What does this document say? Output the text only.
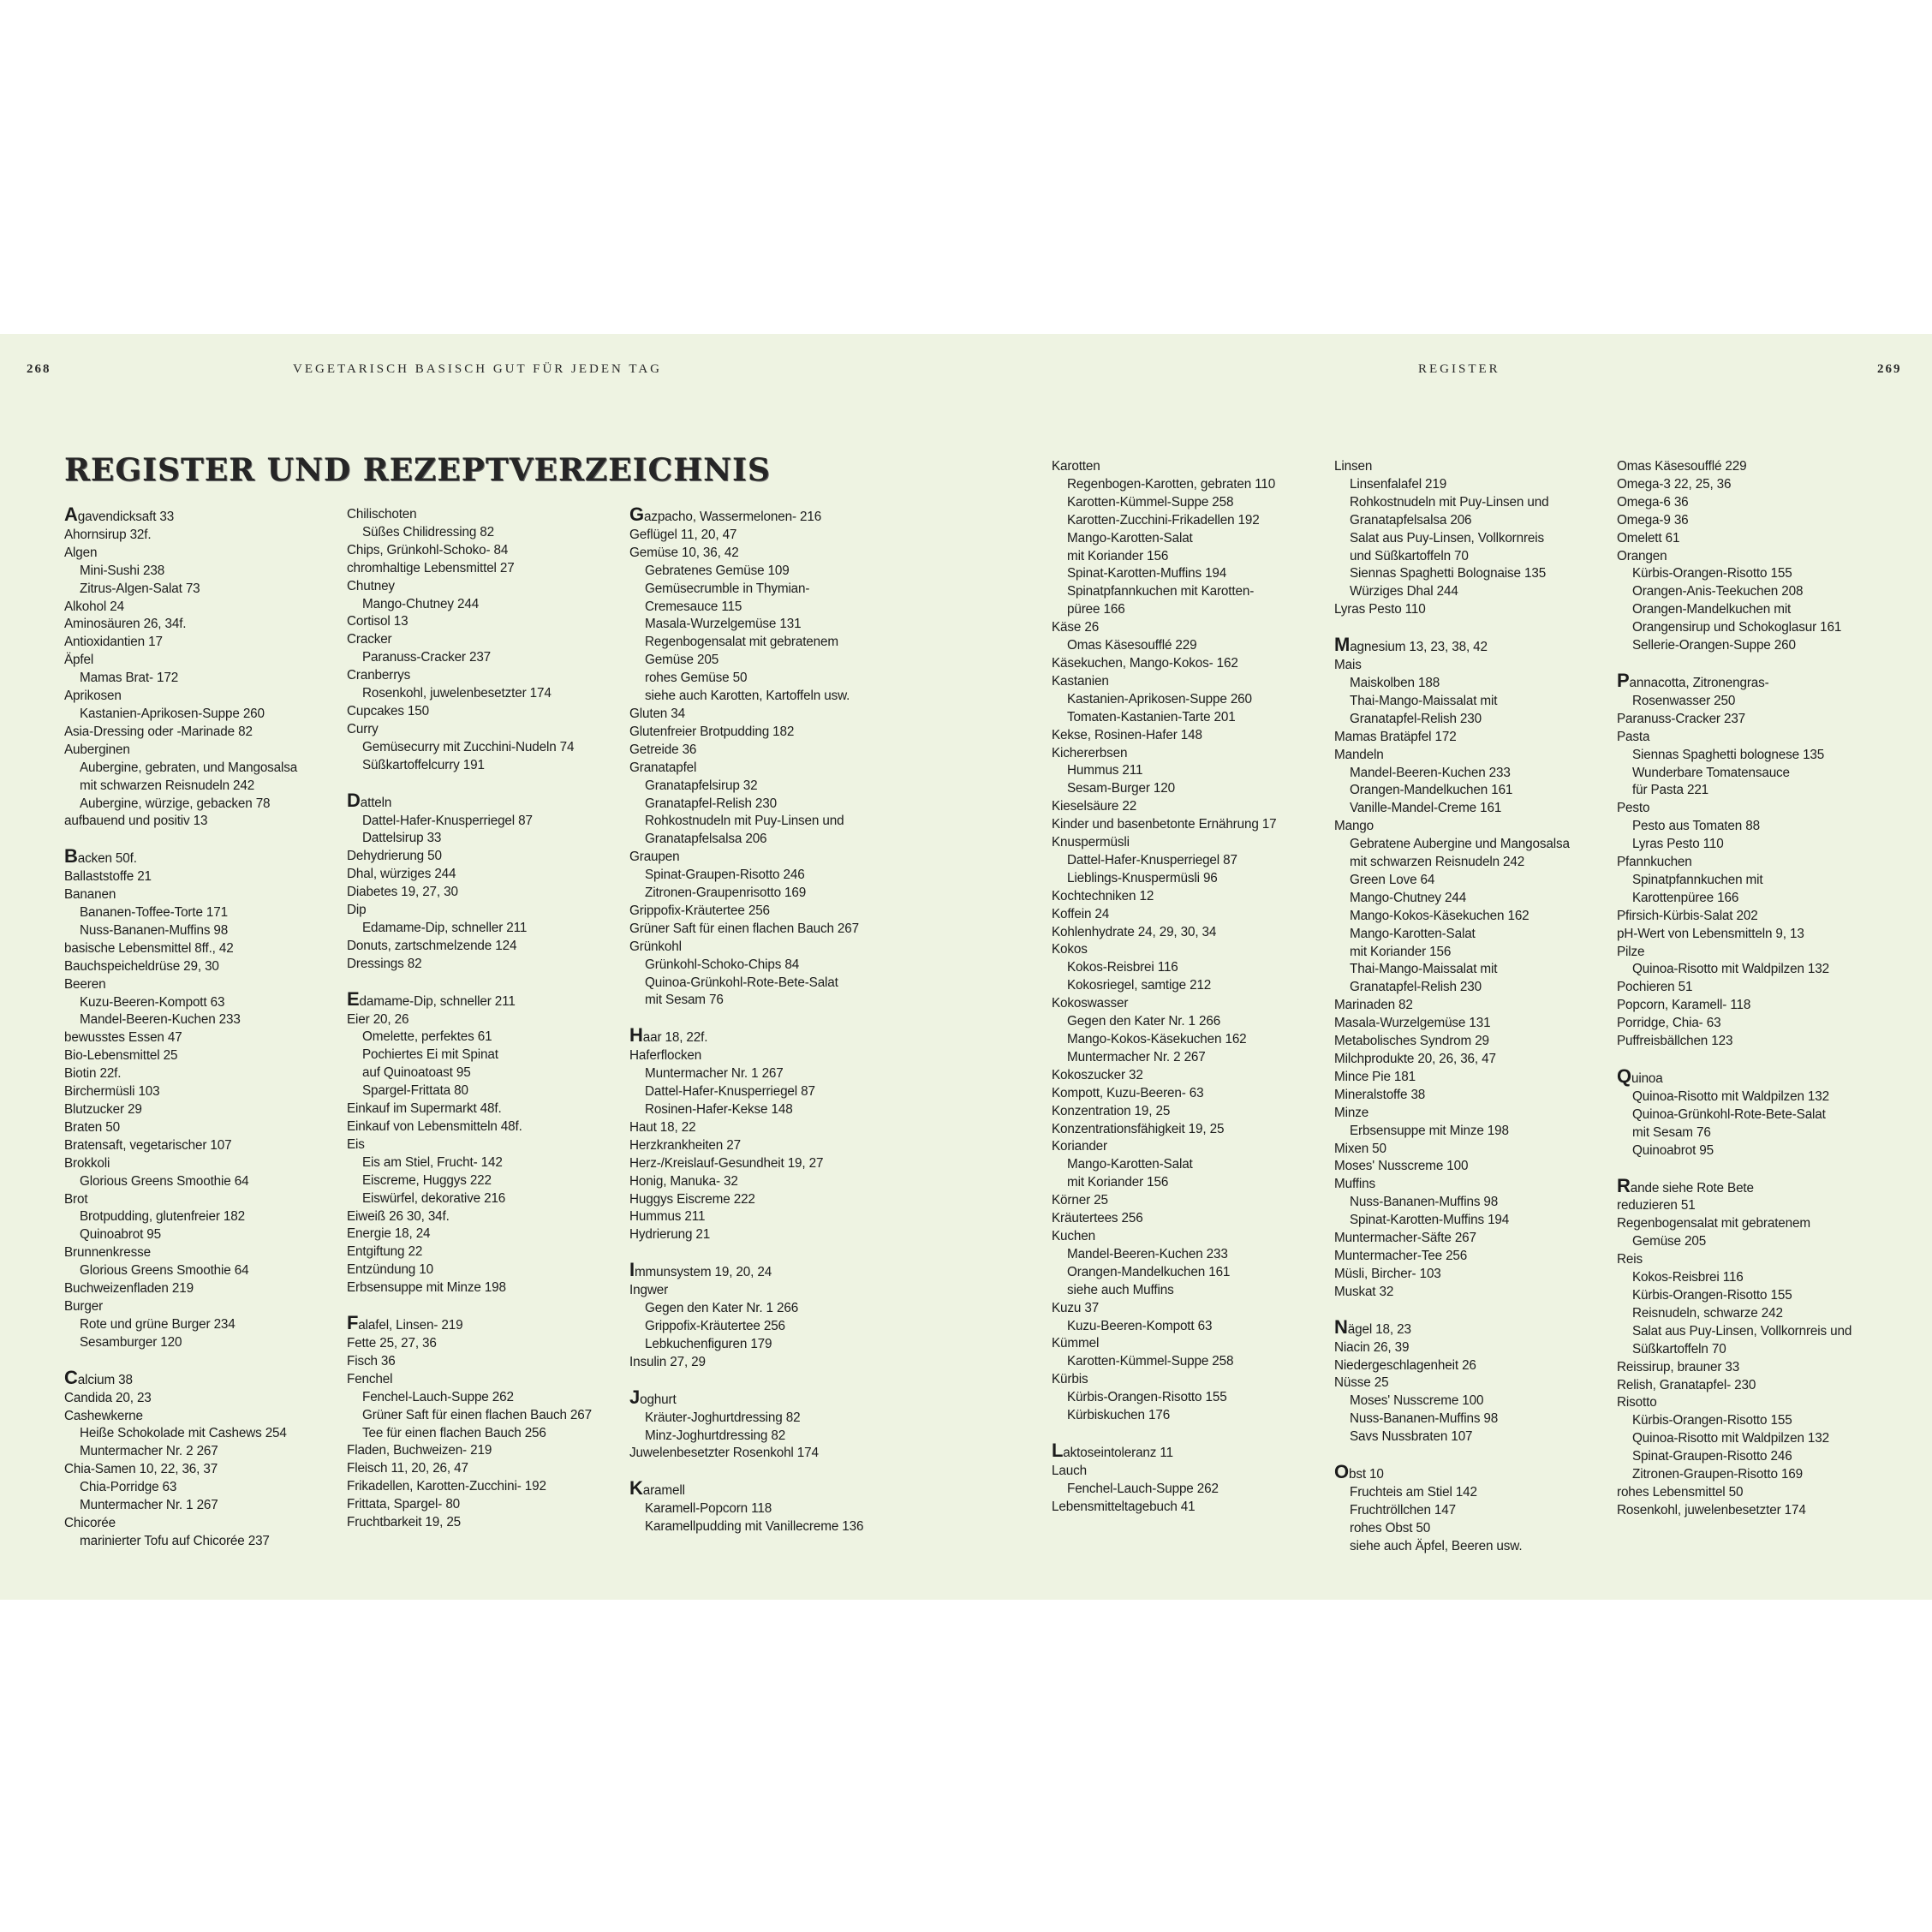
268	VEGETARISCH BASISCH GUT FÜR JEDEN TAG	REGISTER	269
REGISTER UND REZEPTVERZEICHNIS
Agavendicksaft 33
Ahornsirup 32f.
Algen
Mini-Sushi 238
Zitrus-Algen-Salat 73
Alkohol 24
Aminosäuren 26, 34f.
Antioxidantien 17
Äpfel
Mamas Brat- 172
Aprikosen
Kastanien-Aprikosen-Suppe 260
Asia-Dressing oder -Marinade 82
Auberginen
Aubergine, gebraten, und Mangosalsa
mit schwarzen Reisnudeln 242
Aubergine, würzige, gebacken 78
aufbauend und positiv 13
Backen 50f.
Ballaststoffe 21
Bananen
Bananen-Toffee-Torte 171
Nuss-Bananen-Muffins 98
basische Lebensmittel 8ff., 42
Bauchspeicheldrüse 29, 30
Beeren
Kuzu-Beeren-Kompott 63
Mandel-Beeren-Kuchen 233
bewusstes Essen 47
Bio-Lebensmittel 25
Biotin 22f.
Birchermüsli 103
Blutzucker 29
Braten 50
Bratensaft, vegetarischer 107
Brokkoli
Glorious Greens Smoothie 64
Brot
Brotpudding, glutenfreier 182
Quinoabrot 95
Brunnenkresse
Glorious Greens Smoothie 64
Buchweizenfladen 219
Burger
Rote und grüne Burger 234
Sesamburger 120
Calcium 38
Candida 20, 23
Cashewkerne
Heiße Schokolade mit Cashews 254
Muntermacher Nr. 2 267
Chia-Samen 10, 22, 36, 37
Chia-Porridge 63
Muntermacher Nr. 1 267
Chicorée
marinierter Tofu auf Chicorée 237
Chilischoten
Süßes Chilidressing 82
Chips, Grünkohl-Schoko- 84
chromhaltige Lebensmittel 27
Chutney
Mango-Chutney 244
Cortisol 13
Cracker
Paranuss-Cracker 237
Cranberrys
Rosenkohl, juwelenbesetzter 174
Cupcakes 150
Curry
Gemüsecurry mit Zucchini-Nudeln 74
Süßkartoffelcurry 191
Datteln
Dattel-Hafer-Knusperriegel 87
Dattelsirup 33
Dehydrierung 50
Dhal, würziges 244
Diabetes 19, 27, 30
Dip
Edamame-Dip, schneller 211
Donuts, zartschmelzende 124
Dressings 82
Edamame-Dip, schneller 211
Eier 20, 26
Omelette, perfektes 61
Pochiertes Ei mit Spinat
auf Quinoatoast 95
Spargel-Frittata 80
Einkauf im Supermarkt 48f.
Einkauf von Lebensmitteln 48f.
Eis
Eis am Stiel, Frucht- 142
Eiscreme, Huggys 222
Eiswürfel, dekorative 216
Eiweiß 26 30, 34f.
Energie 18, 24
Entgiftung 22
Entzündung 10
Erbsensuppe mit Minze 198
Falafel, Linsen- 219
Fette 25, 27, 36
Fisch 36
Fenchel
Fenchel-Lauch-Suppe 262
Grüner Saft für einen flachen Bauch 267
Tee für einen flachen Bauch 256
Fladen, Buchweizen- 219
Fleisch 11, 20, 26, 47
Frikadellen, Karotten-Zucchini- 192
Frittata, Spargel- 80
Fruchtbarkeit 19, 25
Gazpacho, Wassermelonen- 216
Geflügel 11, 20, 47
Gemüse 10, 36, 42
Gebratenes Gemüse 109
Gemüsecrumble in Thymian-
Cremesauce 115
Masala-Wurzelgemüse 131
Regenbogensalat mit gebratenem
Gemüse 205
rohes Gemüse 50
siehe auch Karotten, Kartoffeln usw.
Gluten 34
Glutenfreier Brotpudding 182
Getreide 36
Granatapfel
Granatapfelsirup 32
Granatapfel-Relish 230
Rohkostnudeln mit Puy-Linsen und
Granatapfelsalsa 206
Graupen
Spinat-Graupen-Risotto 246
Zitronen-Graupenrisotto 169
Grippofix-Kräutertee 256
Grüner Saft für einen flachen Bauch 267
Grünkohl
Grünkohl-Schoko-Chips 84
Quinoa-Grünkohl-Rote-Bete-Salat
mit Sesam 76
Haar 18, 22f.
Haferflocken
Muntermacher Nr. 1 267
Dattel-Hafer-Knusperriegel 87
Rosinen-Hafer-Kekse 148
Haut 18, 22
Herzkrankheiten 27
Herz-/Kreislauf-Gesundheit 19, 27
Honig, Manuka- 32
Huggys Eiscreme 222
Hummus 211
Hydrierung 21
Immunsystem 19, 20, 24
Ingwer
Gegen den Kater Nr. 1 266
Grippofix-Kräutertee 256
Lebkuchenfiguren 179
Insulin 27, 29
Joghurt
Kräuter-Joghurtdressing 82
Minz-Joghurtdressing 82
Juwelenbesetzter Rosenkohl 174
Karamell
Karamell-Popcorn 118
Karamellpudding mit Vanillecreme 136
Karotten
Regenbogen-Karotten, gebraten 110
Karotten-Kümmel-Suppe 258
Karotten-Zucchini-Frikadellen 192
Mango-Karotten-Salat
mit Koriander 156
Spinat-Karotten-Muffins 194
Spinatpfannkuchen mit Karotten-
püree 166
Käse 26
Omas Käsesoufflé 229
Käsekuchen, Mango-Kokos- 162
Kastanien
Kastanien-Aprikosen-Suppe 260
Tomaten-Kastanien-Tarte 201
Kekse, Rosinen-Hafer 148
Kichererbsen
Hummus 211
Sesam-Burger 120
Kieselsäure 22
Kinder und basenbetonte Ernährung 17
Knuspermüsli
Dattel-Hafer-Knusperriegel 87
Lieblings-Knuspermüsli 96
Kochtechniken 12
Koffein 24
Kohlenhydrate 24, 29, 30, 34
Kokos
Kokos-Reisbrei 116
Kokosriegel, samtige 212
Kokoswasser
Gegen den Kater Nr. 1 266
Mango-Kokos-Käsekuchen 162
Muntermacher Nr. 2 267
Kokoszucker 32
Kompott, Kuzu-Beeren- 63
Konzentration 19, 25
Konzentrationsfähigkeit 19, 25
Koriander
Mango-Karotten-Salat
mit Koriander 156
Körner 25
Kräutertees 256
Kuchen
Mandel-Beeren-Kuchen 233
Orangen-Mandelkuchen 161
siehe auch Muffins
Kuzu 37
Kuzu-Beeren-Kompott 63
Kümmel
Karotten-Kümmel-Suppe 258
Kürbis
Kürbis-Orangen-Risotto 155
Kürbiskuchen 176
Laktoseintoleranz 11
Lauch
Fenchel-Lauch-Suppe 262
Lebensmitteltagebuch 41
Linsen
Linsenfalafel 219
Rohkostnudeln mit Puy-Linsen und
Granatapfelsalsa 206
Salat aus Puy-Linsen, Vollkornreis
und Süßkartoffeln 70
Siennas Spaghetti Bolognaise 135
Würziges Dhal 244
Lyras Pesto 110
Magnesium 13, 23, 38, 42
Mais
Maiskolben 188
Thai-Mango-Maissalat mit
Granatapfel-Relish 230
Mamas Bratäpfel 172
Mandeln
Mandel-Beeren-Kuchen 233
Orangen-Mandelkuchen 161
Vanille-Mandel-Creme 161
Mango
Gebratene Aubergine und Mangosalsa
mit schwarzen Reisnudeln 242
Green Love 64
Mango-Chutney 244
Mango-Kokos-Käsekuchen 162
Mango-Karotten-Salat
mit Koriander 156
Thai-Mango-Maissalat mit
Granatapfel-Relish 230
Marinaden 82
Masala-Wurzelgemüse 131
Metabolisches Syndrom 29
Milchprodukte 20, 26, 36, 47
Mince Pie 181
Mineralstoffe 38
Minze
Erbsensuppe mit Minze 198
Mixen 50
Moses' Nusscreme 100
Muffins
Nuss-Bananen-Muffins 98
Spinat-Karotten-Muffins 194
Muntermacher-Säfte 267
Muntermacher-Tee 256
Müsli, Bircher- 103
Muskat 32
Nägel 18, 23
Niacin 26, 39
Niedergeschlagenheit 26
Nüsse 25
Moses' Nusscreme 100
Nuss-Bananen-Muffins 98
Savs Nussbraten 107
Obst 10
Fruchteis am Stiel 142
Fruchtröllchen 147
rohes Obst 50
siehe auch Äpfel, Beeren usw.
Omas Käsesoufflé 229
Omega-3 22, 25, 36
Omega-6 36
Omega-9 36
Omelett 61
Orangen
Kürbis-Orangen-Risotto 155
Orangen-Anis-Teekuchen 208
Orangen-Mandelkuchen mit
Orangensirup und Schokoglasur 161
Sellerie-Orangen-Suppe 260
Pannacotta, Zitronengras-
Rosenwasser 250
Paranuss-Cracker 237
Pasta
Siennas Spaghetti bolognese 135
Wunderbare Tomatensauce
für Pasta 221
Pesto
Pesto aus Tomaten 88
Lyras Pesto 110
Pfannkuchen
Spinatpfannkuchen mit
Karottenpüree 166
Pfirsich-Kürbis-Salat 202
pH-Wert von Lebensmitteln 9, 13
Pilze
Quinoa-Risotto mit Waldpilzen 132
Pochieren 51
Popcorn, Karamell- 118
Porridge, Chia- 63
Puffreisbällchen 123
Quinoa
Quinoa-Risotto mit Waldpilzen 132
Quinoa-Grünkohl-Rote-Bete-Salat
mit Sesam 76
Quinoabrot 95
Rande siehe Rote Bete
reduzieren 51
Regenbogensalat mit gebratenem
Gemüse 205
Reis
Kokos-Reisbrei 116
Kürbis-Orangen-Risotto 155
Reisnudeln, schwarze 242
Salat aus Puy-Linsen, Vollkornreis und
Süßkartoffeln 70
Reissirup, brauner 33
Relish, Granatapfel- 230
Risotto
Kürbis-Orangen-Risotto 155
Quinoa-Risotto mit Waldpilzen 132
Spinat-Graupen-Risotto 246
Zitronen-Graupen-Risotto 169
rohes Lebensmittel 50
Rosenkohl, juwelenbesetzter 174
